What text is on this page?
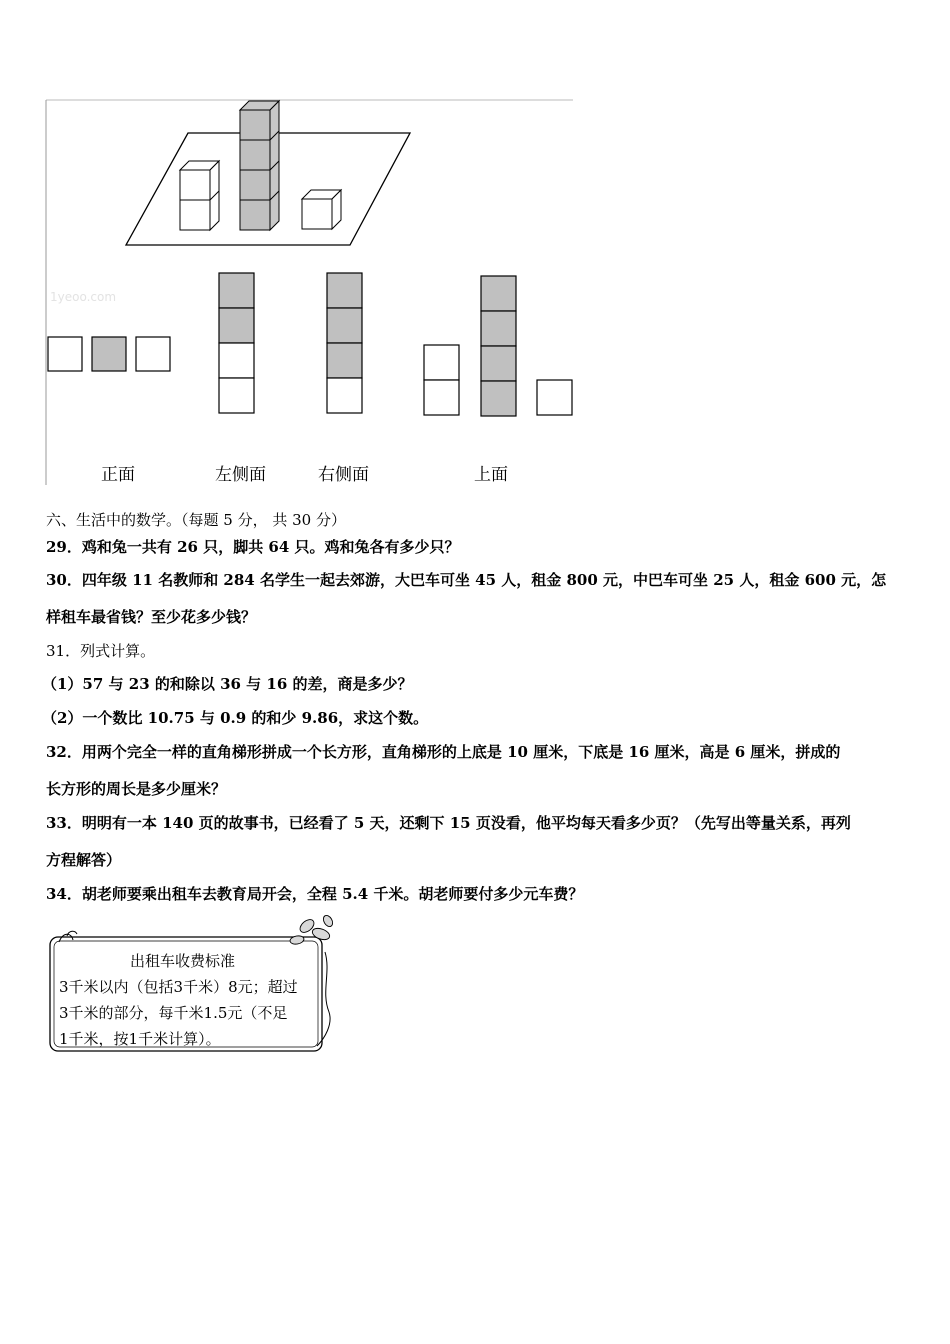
1yeoo.com
正面	左侧面	右侧面	上面
六、生活中的数学。（每题 5 分， 共 30 分）
29．鸡和兔一共有 26 只，脚共 64 只。鸡和兔各有多少只？
30．四年级 11 名教师和 284 名学生一起去郊游，大巴车可坐 45 人，租金 800 元，中巴车可坐 25 人，租金 600 元，怎
样租车最省钱？至少花多少钱？
31．列式计算。
（1）57 与 23 的和除以 36 与 16 的差，商是多少？
（2）一个数比 10.75 与 0.9 的和少 9.86，求这个数。
32．用两个完全一样的直角梯形拼成一个长方形，直角梯形的上底是 10 厘米，下底是 16 厘米，高是 6 厘米，拼成的
长方形的周长是多少厘米？
33．明明有一本 140 页的故事书，已经看了 5 天，还剩下 15 页没看，他平均每天看多少页？（先写出等量关系，再列
方程解答）
34．胡老师要乘出租车去教育局开会，全程 5.4 千米。胡老师要付多少元车费？
出租车收费标准
3千米以内（包括3千米）8元；超过
3千米的部分，每千米1.5元（不足
1千米，按1千米计算）。
